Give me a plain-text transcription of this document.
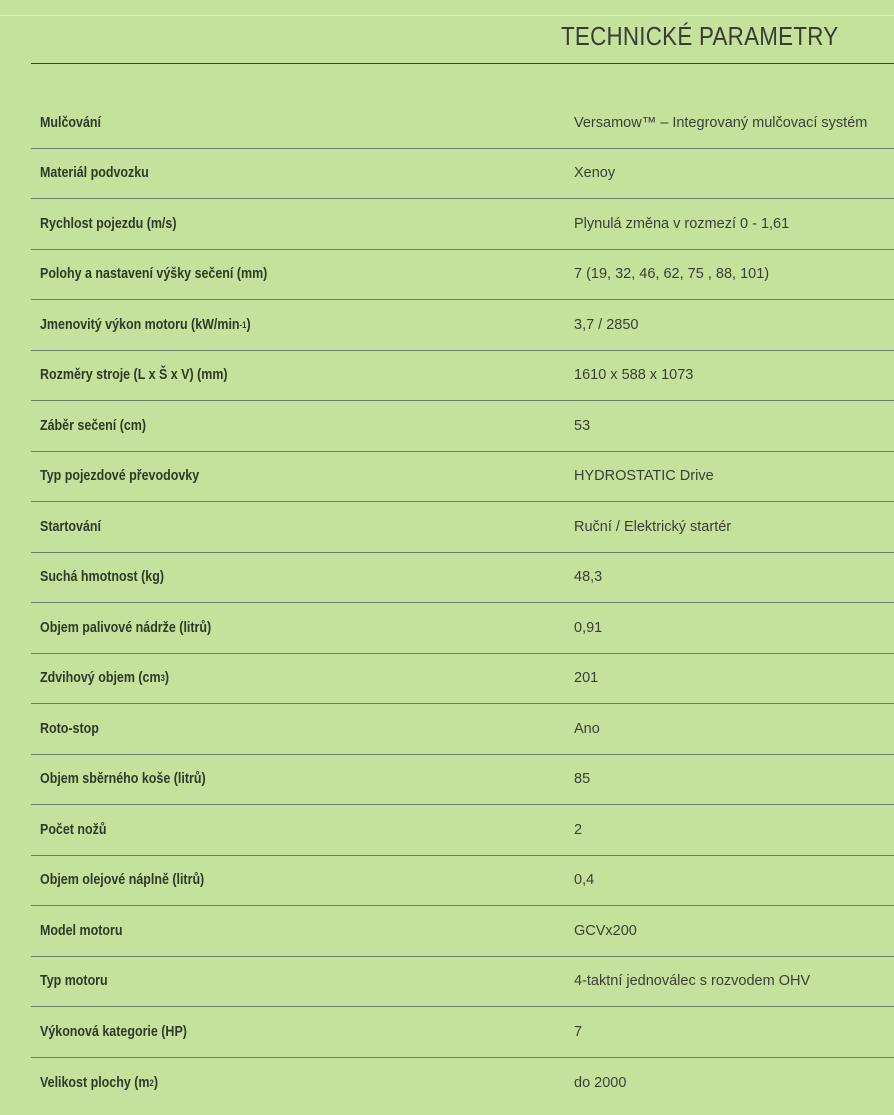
TECHNICKÉ PARAMETRY
Mulčování	Versamow™ – Integrovaný mulčovací systém
Materiál podvozku	Xenoy
Rychlost pojezdu (m/s)	Plynulá změna v rozmezí 0 - 1,61
Polohy a nastavení výšky sečení (mm)	7 (19, 32, 46, 62, 75 , 88, 101)
Jmenovitý výkon motoru (kW/min -1 )	3,7 / 2850
Rozměry stroje (L x Š x V) (mm)	1610 x 588 x 1073
Záběr sečení (cm)	53
Typ pojezdové převodovky	HYDROSTATIC Drive
Startování	Ruční / Elektrický startér
Suchá hmotnost (kg)	48,3
Objem palivové nádrže (litrů)	0,91
Zdvihový objem (cm 3 )	201
Roto-stop	Ano
Objem sběrného koše (litrů)	85
Počet nožů	2
Objem olejové náplně (litrů)	0,4
Model motoru	GCVx200
Typ motoru	4-taktní jednoválec s rozvodem OHV
Výkonová kategorie (HP)	7
Velikost plochy (m 2 )	do 2000
